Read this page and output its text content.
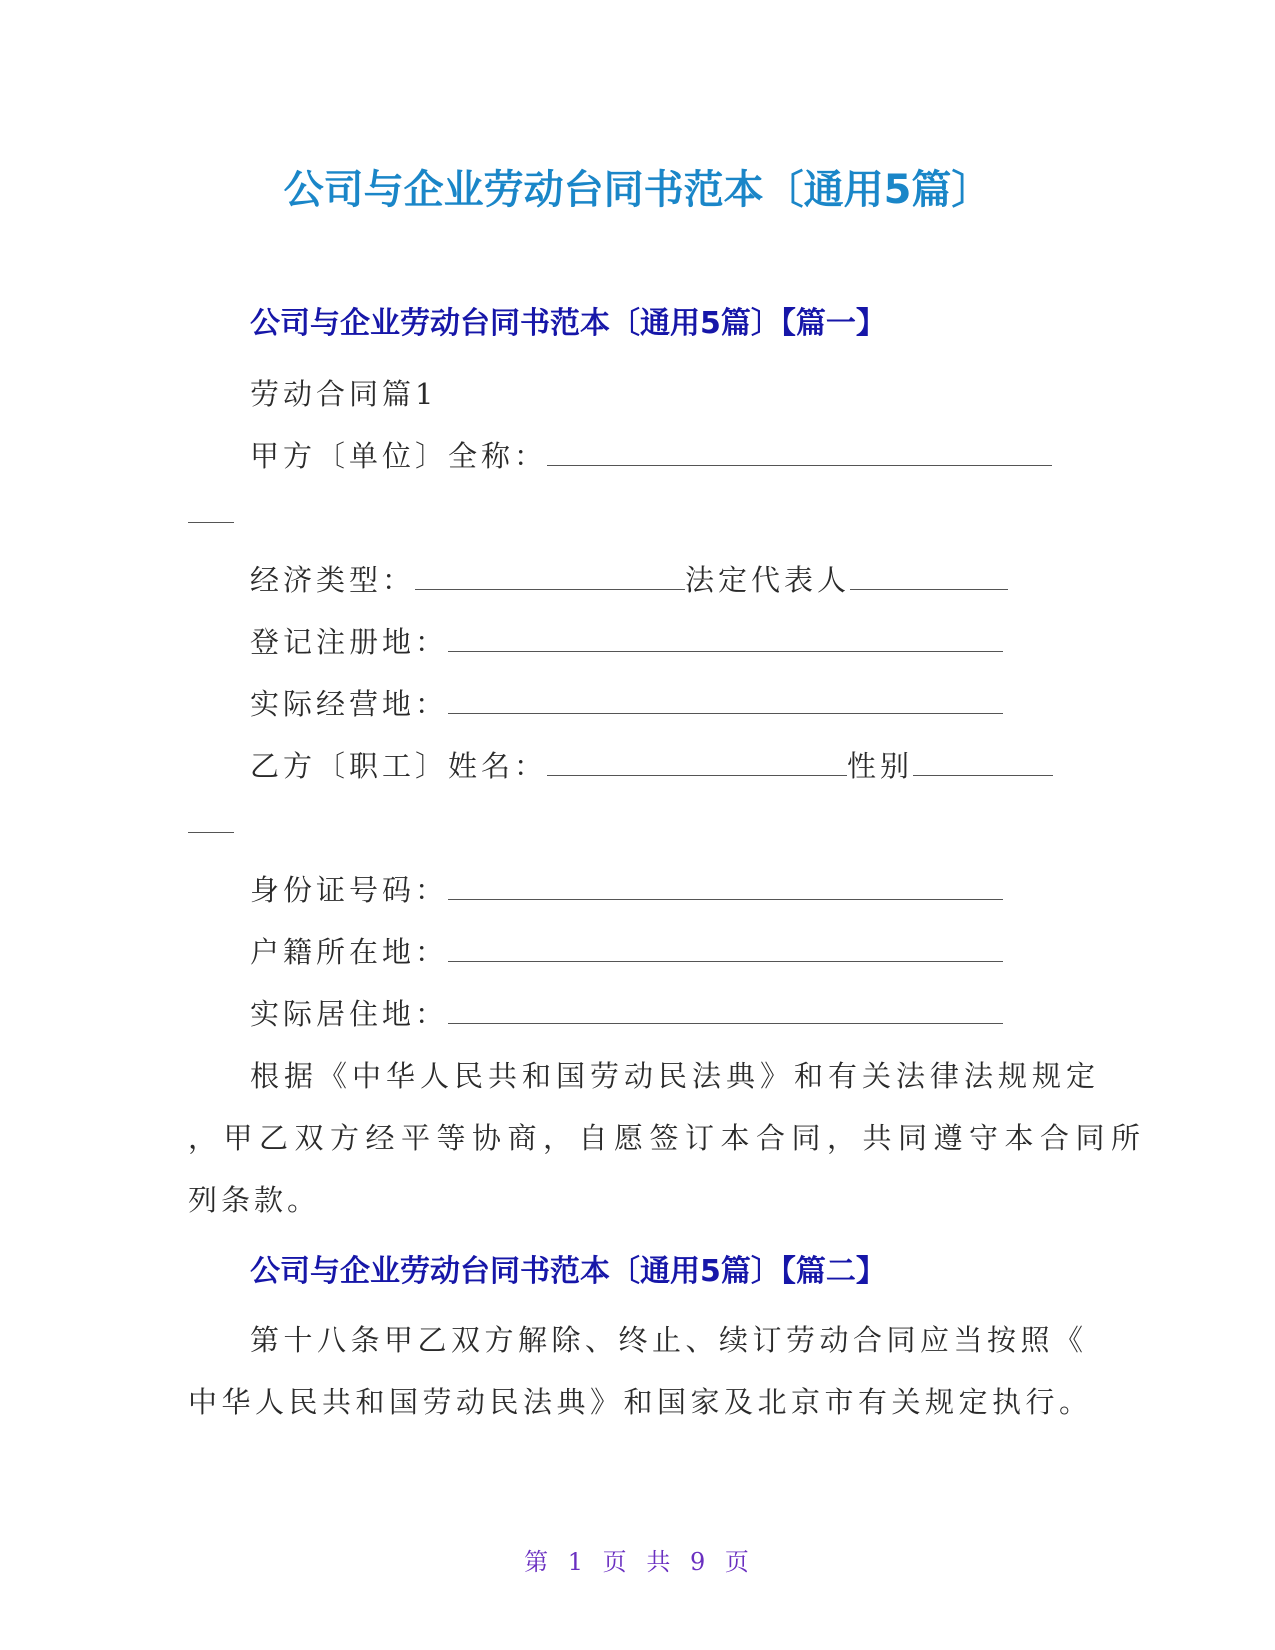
公司与企业劳动台同书范本〔通用5篇〕
公司与企业劳动台同书范本〔通用5篇〕【篇一】
劳动合同篇1
甲方〔单位〕全称：
经济类型：	法定代表人
登记注册地：
实际经营地：
乙方〔职工〕姓名：	性别
身份证号码：
户籍所在地：
实际居住地：
根据《中华人民共和国劳动民法典》和有关法律法规规定
，甲乙双方经平等协商，自愿签订本合同，共同遵守本合同所
列条款。
公司与企业劳动台同书范本〔通用5篇〕【篇二】
第十八条甲乙双方解除、终止、续订劳动合同应当按照《
中华人民共和国劳动民法典》和国家及北京市有关规定执行。
第 1 页 共 9 页
